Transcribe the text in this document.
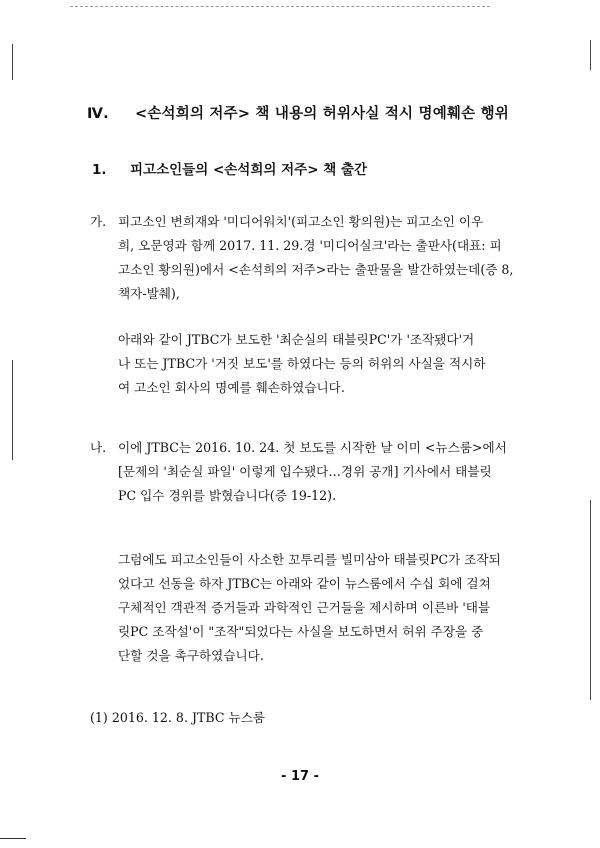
Ⅳ. <손석희의 저주> 책 내용의 허위사실 적시 명예훼손 행위
1. 피고소인들의 <손석희의 저주> 책 출간
가. 피고소인 변희재와 '미디어워치'(피고소인 황의원)는 피고소인 이우
희, 오문영과 함께 2017. 11. 29.경 '미디어실크'라는 출판사(대표: 피
고소인 황의원)에서 <손석희의 저주>라는 출판물을 발간하였는데(증 8,
책자-발췌),
아래와 같이 JTBC가 보도한 '최순실의 태블릿PC'가 '조작됐다'거
나 또는 JTBC가 '거짓 보도'를 하였다는 등의 허위의 사실을 적시하
여 고소인 회사의 명예를 훼손하였습니다.
나. 이에 JTBC는 2016. 10. 24. 첫 보도를 시작한 날 이미 <뉴스룸>에서
[문제의 '최순실 파일' 이렇게 입수됐다…경위 공개] 기사에서 태블릿
PC 입수 경위를 밝혔습니다(증 19-12).
그럼에도 피고소인들이 사소한 꼬투리를 빌미삼아 태블릿PC가 조작되
었다고 선동을 하자 JTBC는 아래와 같이 뉴스룸에서 수십 회에 걸쳐
구체적인 객관적 증거들과 과학적인 근거들을 제시하며 이른바 '태블
릿PC 조작설'이 "조작"되었다는 사실을 보도하면서 허위 주장을 중
단할 것을 촉구하였습니다.
(1) 2016. 12. 8. JTBC 뉴스룸
- 17 -
